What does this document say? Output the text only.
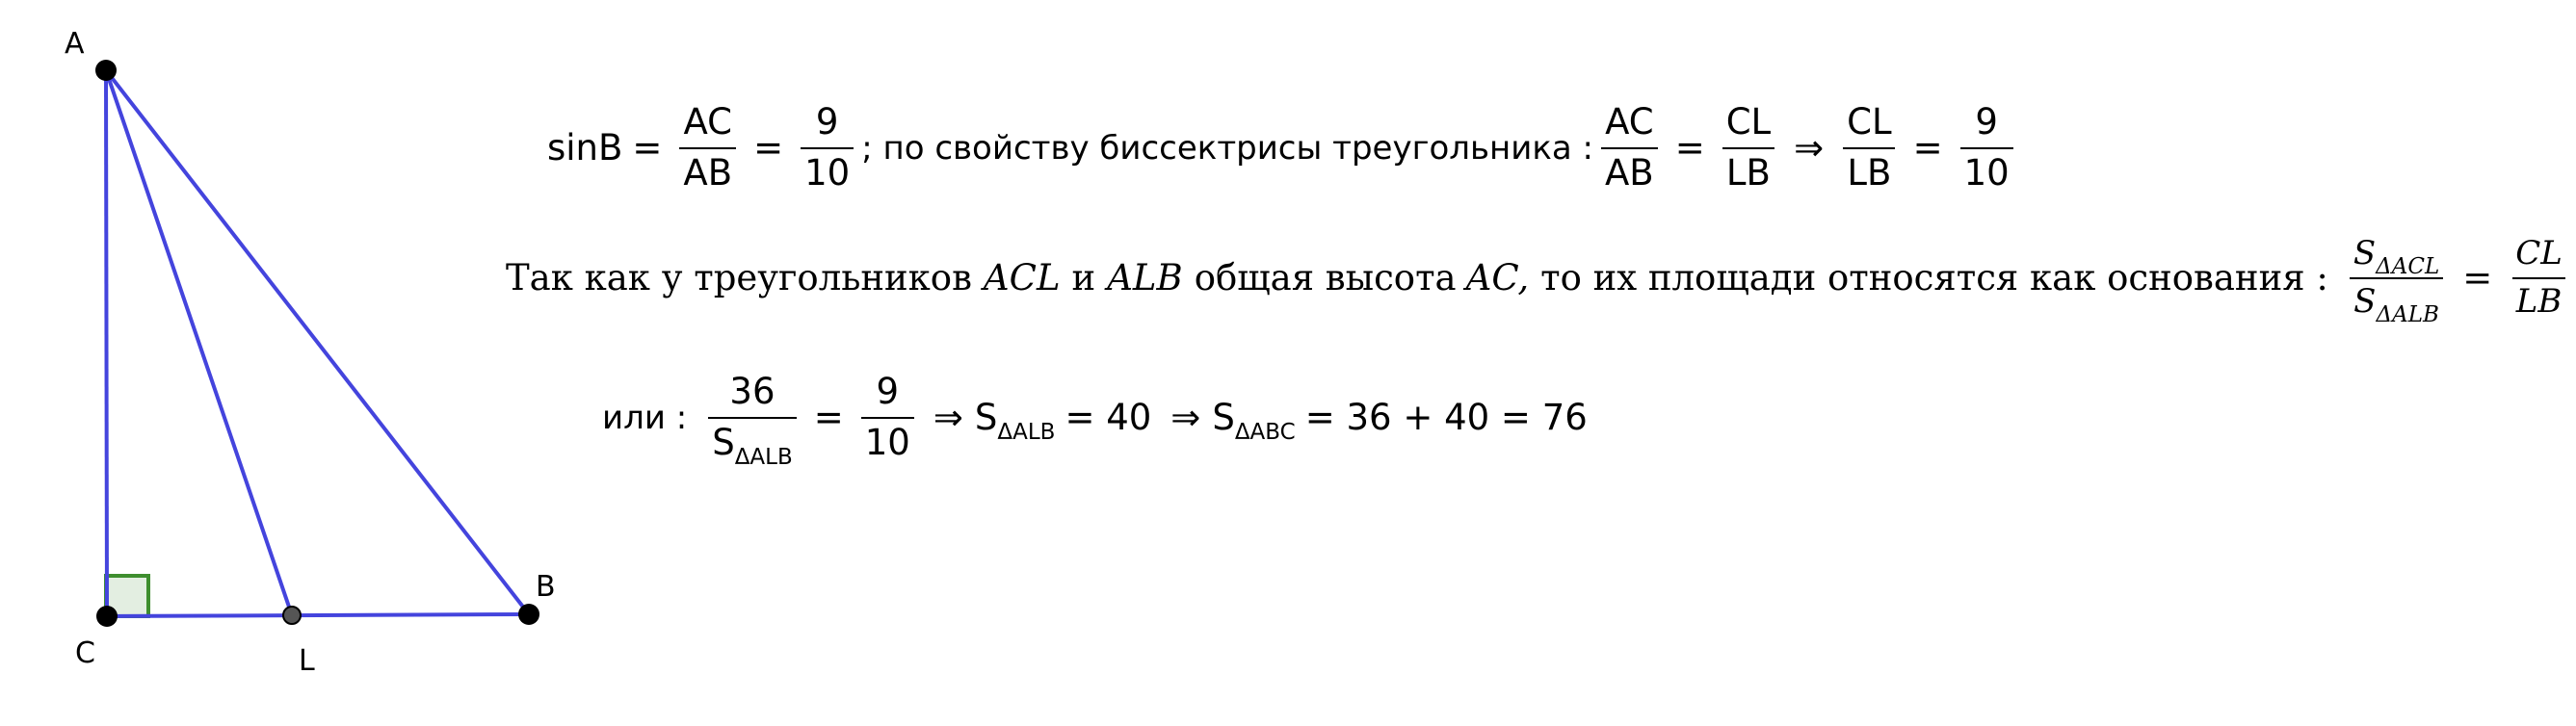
A
C	L
B
$\sin B = \frac{AC}{AB} = \frac{9}{10}$ ; по свойству биссектрисы треугольника : $\frac{AC}{AB} = \frac{CL}{LB}$ ⇒ $\frac{CL}{LB} = \frac{9}{10}$
Так как у треугольников ACL и ALB общая высота AC, то их площади относятся как основания : $\frac{S_{\Delta ACL}}{S_{\Delta ALB}} = \frac{CL}{LB}$
или : $\frac{36}{S_{\Delta ALB}} = \frac{9}{10}$ ⇒ $S_{\Delta ALB} = 40$ ⇒ $S_{\Delta ABC} = 36 + 40 = 76$
